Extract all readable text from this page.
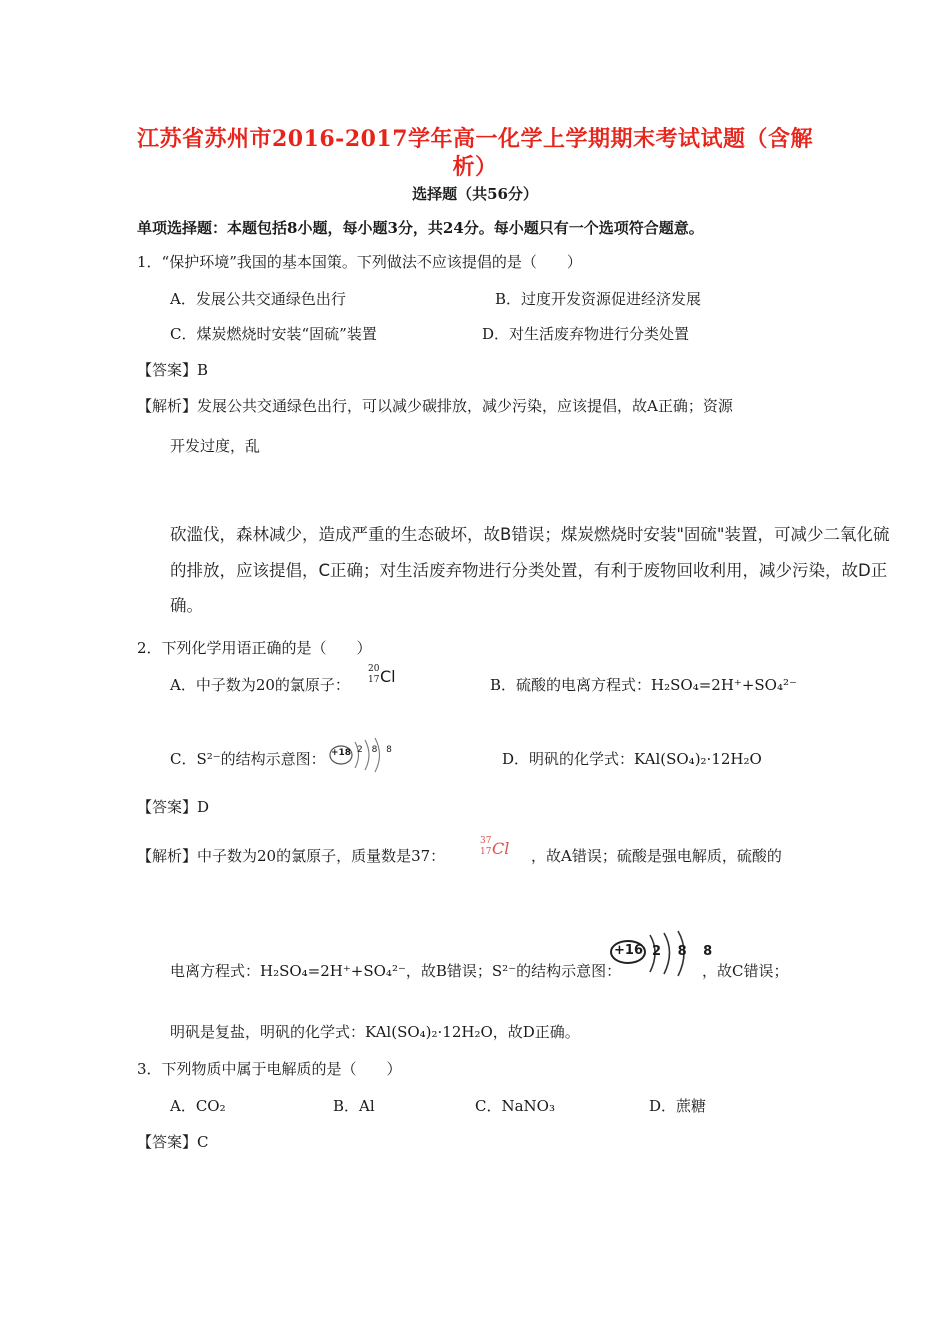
江苏省苏州市2016-2017学年高一化学上学期期末考试试题（含解
析）
选择题（共56分）
单项选择题：本题包括8小题，每小题3分，共24分。每小题只有一个选项符合题意。
1．“保护环境”我国的基本国策。下列做法不应该提倡的是（　　）
A．发展公共交通绿色出行	B．过度开发资源促进经济发展
C．煤炭燃烧时安装“固硫”装置	D．对生活废弃物进行分类处置
【答案】B
【解析】发展公共交通绿色出行，可以减少碳排放，减少污染，应该提倡，故A正确；资源
开发过度，乱
砍滥伐，森林减少，造成严重的生态破坏，故B错误；煤炭燃烧时安装"固硫"装置，可减少二氧化硫
的排放，应该提倡，C正确；对生活废弃物进行分类处置，有利于废物回收利用，减少污染，故D正
确。
2．下列化学用语正确的是（　　）
A．中子数为20的氯原子：
20
17 Cl	B．硫酸的电离方程式：H₂SO₄=2H⁺+SO₄²⁻
C．S²⁻的结构示意图： +18 2 8 8	D．明矾的化学式：KAl(SO₄)₂·12H₂O
【答案】D
【解析】中子数为20的氯原子，质量数是37：
37
17 Cl ，故A错误；硫酸是强电解质，硫酸的
电离方程式：H₂SO₄=2H⁺+SO₄²⁻，故B错误；S²⁻的结构示意图：
+16 2 8 8
，故C错误；
明矾是复盐，明矾的化学式：KAl(SO₄)₂·12H₂O，故D正确。
3．下列物质中属于电解质的是（　　）
A．CO₂	B．Al	C．NaNO₃	D．蔗糖
【答案】C
